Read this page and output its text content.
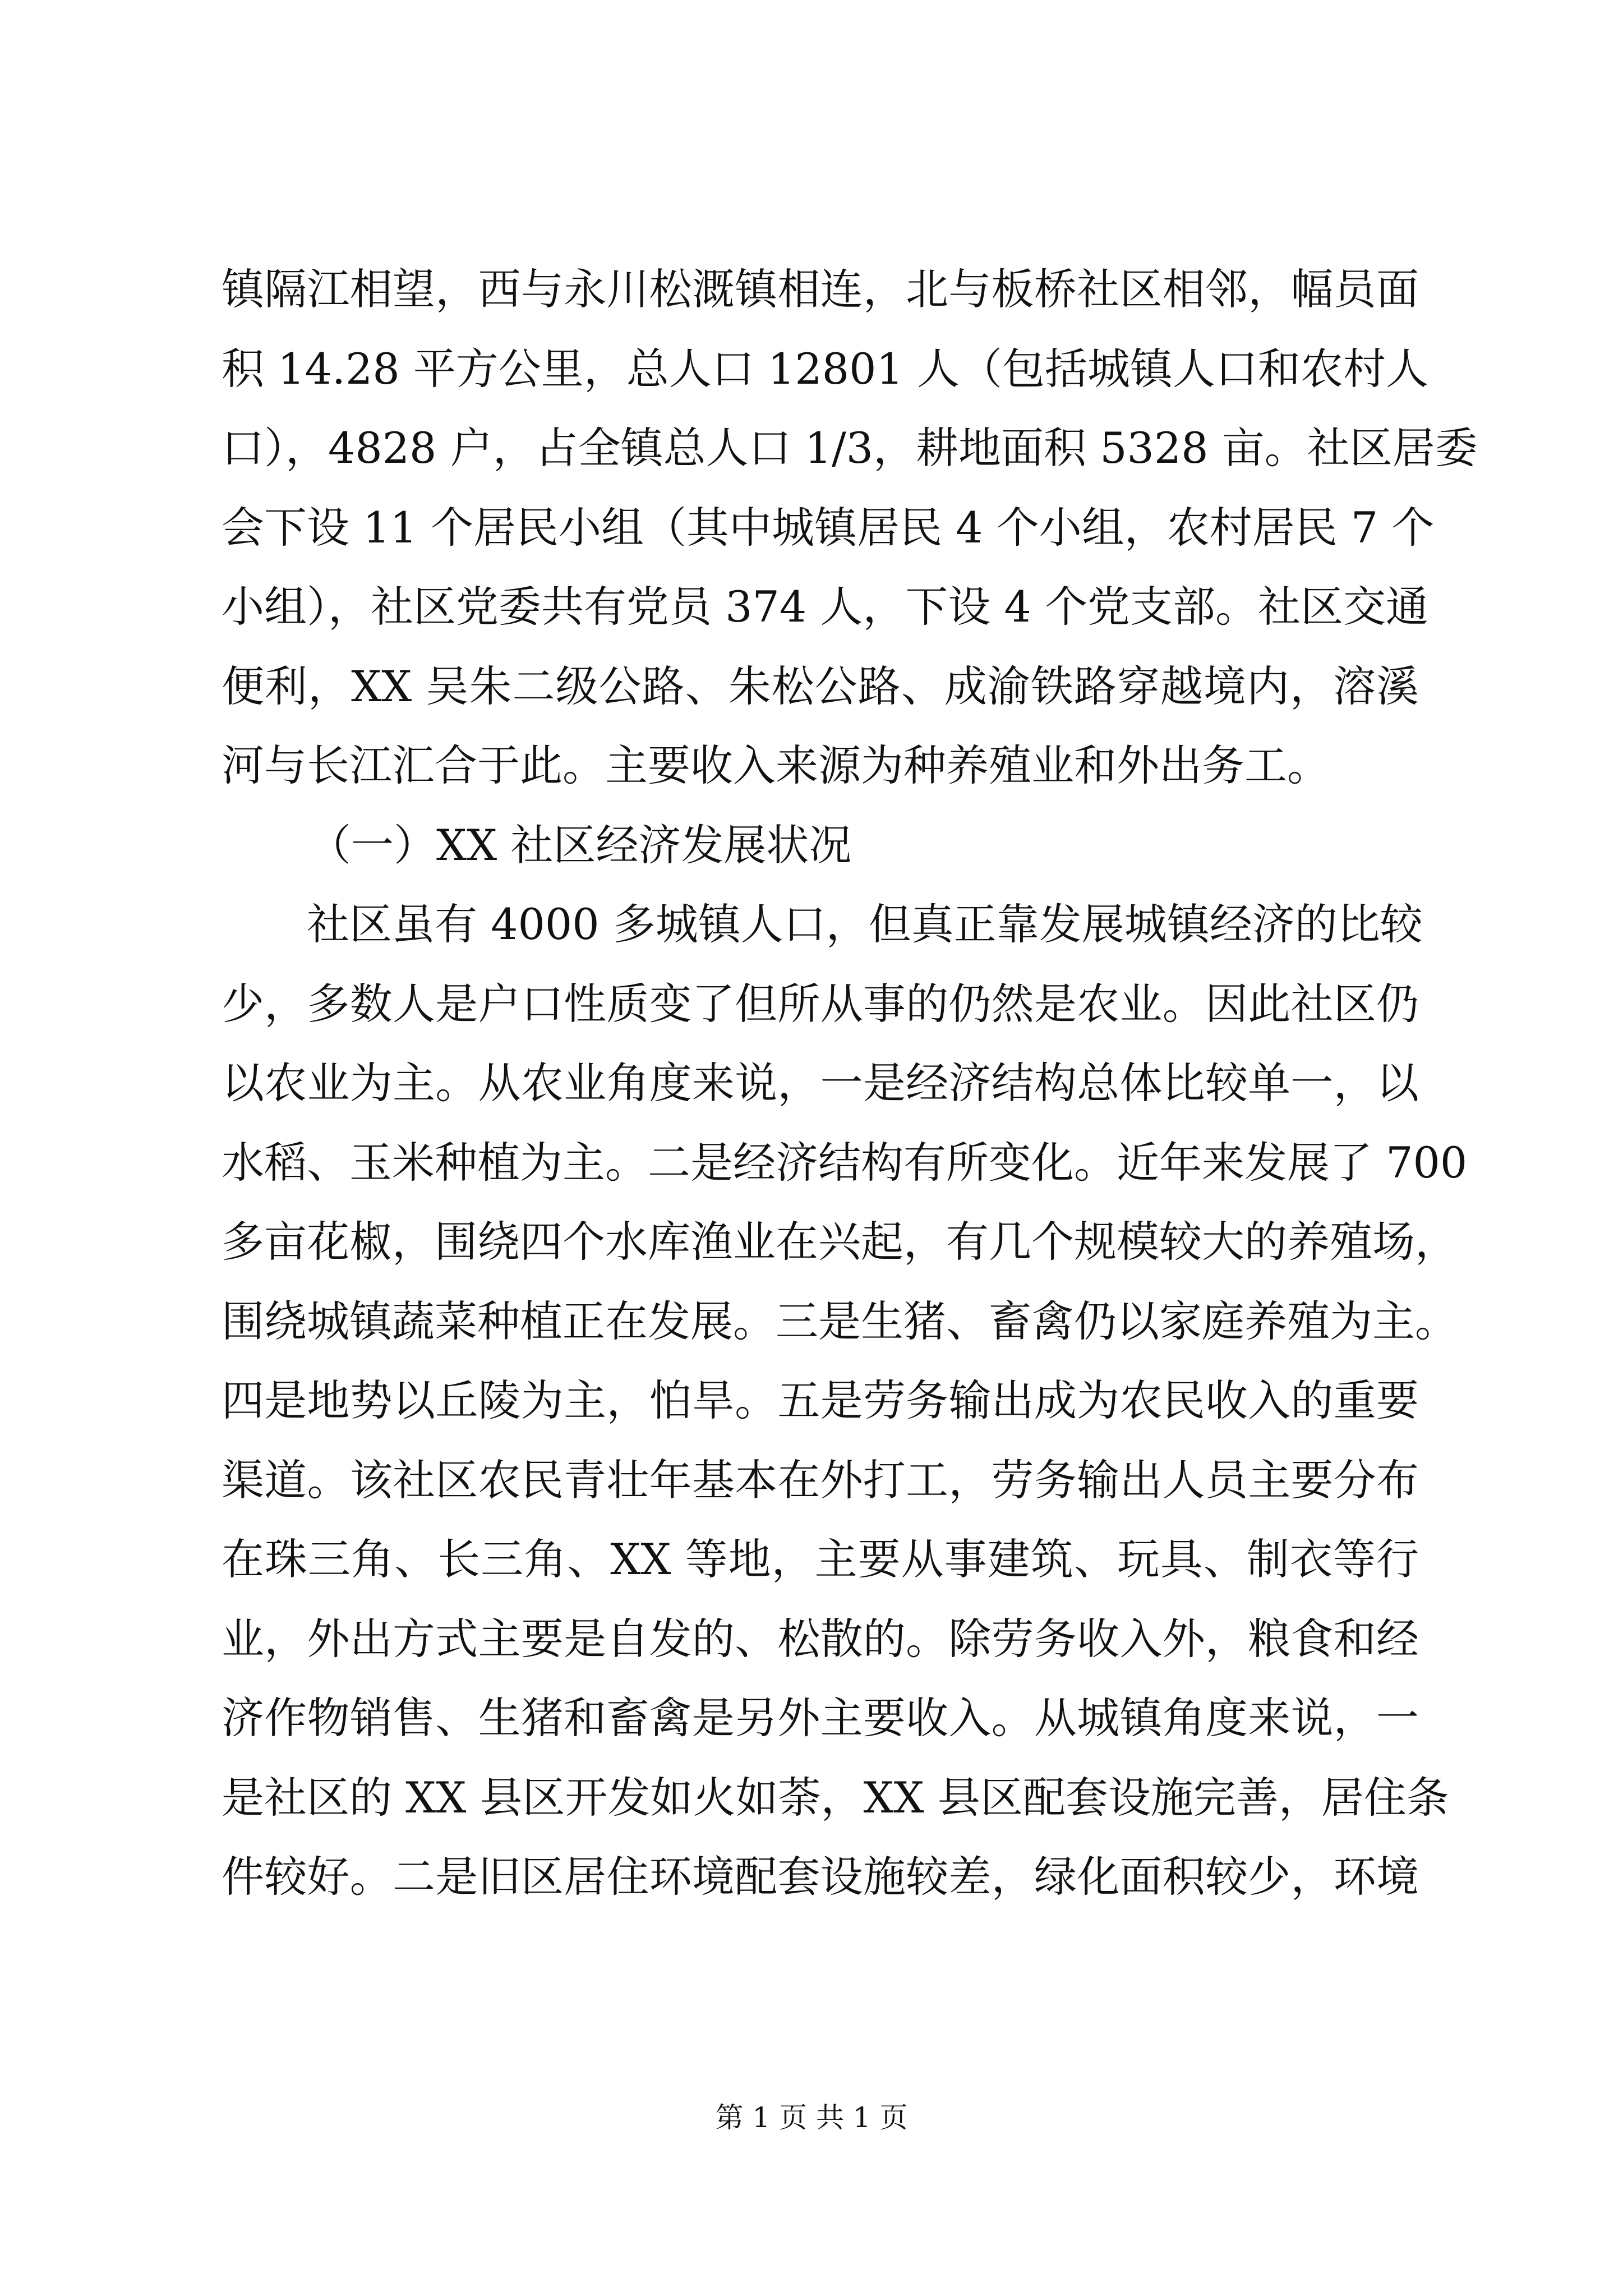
镇隔江相望，西与永川松溉镇相连，北与板桥社区相邻，幅员面
积 14.28 平方公里，总人口 12801 人（包括城镇人口和农村人
口），4828 户，占全镇总人口 1/3，耕地面积 5328 亩。社区居委
会下设 11 个居民小组（其中城镇居民 4 个小组，农村居民 7 个
小组），社区党委共有党员 374 人，下设 4 个党支部。社区交通
便利，XX 吴朱二级公路、朱松公路、成渝铁路穿越境内，溶溪
河与长江汇合于此。主要收入来源为种养殖业和外出务工。
（一）XX 社区经济发展状况
社区虽有 4000 多城镇人口，但真正靠发展城镇经济的比较
少，多数人是户口性质变了但所从事的仍然是农业。因此社区仍
以农业为主。从农业角度来说，一是经济结构总体比较单一，以
水稻、玉米种植为主。二是经济结构有所变化。近年来发展了 700
多亩花椒，围绕四个水库渔业在兴起，有几个规模较大的养殖场，
围绕城镇蔬菜种植正在发展。三是生猪、畜禽仍以家庭养殖为主。
四是地势以丘陵为主，怕旱。五是劳务输出成为农民收入的重要
渠道。该社区农民青壮年基本在外打工，劳务输出人员主要分布
在珠三角、长三角、XX 等地，主要从事建筑、玩具、制衣等行
业，外出方式主要是自发的、松散的。除劳务收入外，粮食和经
济作物销售、生猪和畜禽是另外主要收入。从城镇角度来说，一
是社区的 XX 县区开发如火如荼，XX 县区配套设施完善，居住条
件较好。二是旧区居住环境配套设施较差，绿化面积较少，环境
第 1 页 共 1 页
